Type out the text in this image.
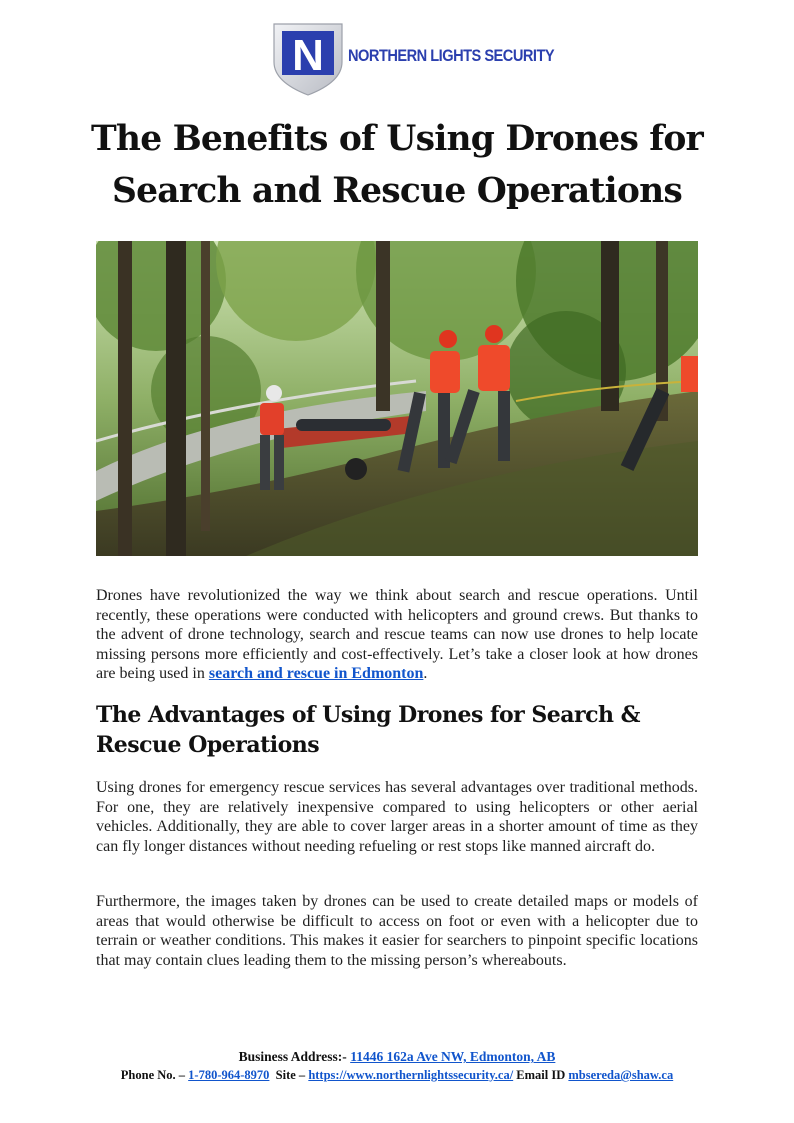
N NORTHERN LIGHTS SECURITY
The Benefits of Using Drones for
Search and Rescue Operations

Drones have revolutionized the way we think about search and rescue operations. Until recently, these operations were conducted with helicopters and ground crews. But thanks to the advent of drone technology, search and rescue teams can now use drones to help locate missing persons more efficiently and cost-effectively. Let’s take a closer look at how drones are being used in search and rescue in Edmonton.

The Advantages of Using Drones for Search & Rescue Operations

Using drones for emergency rescue services has several advantages over traditional methods. For one, they are relatively inexpensive compared to using helicopters or other aerial vehicles. Additionally, they are able to cover larger areas in a shorter amount of time as they can fly longer distances without needing refueling or rest stops like manned aircraft do.

Furthermore, the images taken by drones can be used to create detailed maps or models of areas that would otherwise be difficult to access on foot or even with a helicopter due to terrain or weather conditions. This makes it easier for searchers to pinpoint specific locations that may contain clues leading them to the missing person’s whereabouts.

Business Address:- 11446 162a Ave NW, Edmonton, AB
Phone No. – 1-780-964-8970  Site – https://www.northernlightssecurity.ca/ Email ID mbsereda@shaw.ca
